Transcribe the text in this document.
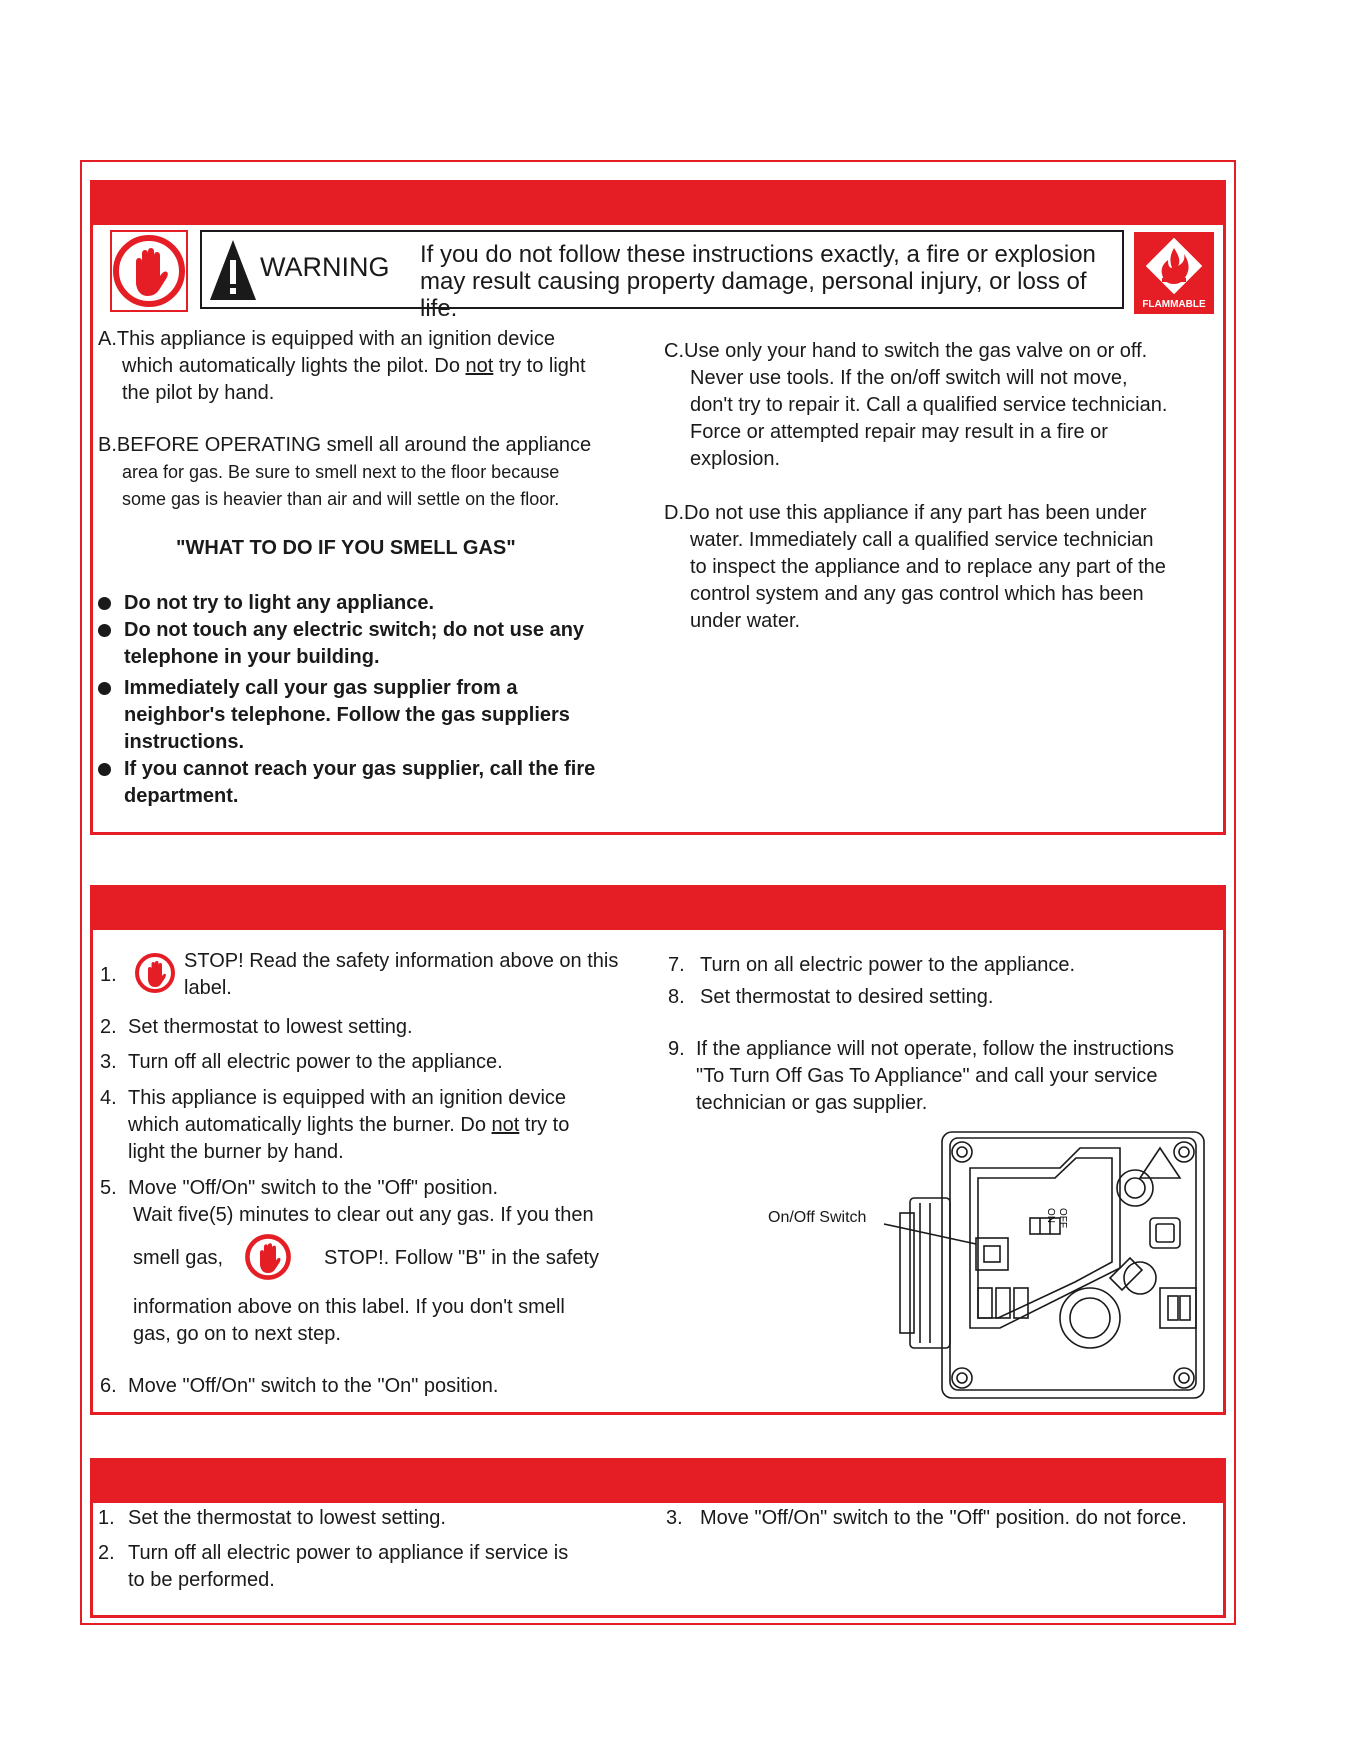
WARNING If you do not follow these instructions exactly, a fire or explosion
may result causing property damage, personal injury, or loss of life.	FLAMMABLE
A.This appliance is equipped with an ignition device
which automatically lights the pilot. Do not try to light
the pilot by hand.
B.BEFORE OPERATING smell all around the appliance
area for gas. Be sure to smell next to the floor because
some gas is heavier than air and will settle on the floor.
"WHAT TO DO IF YOU SMELL GAS"
Do not try to light any appliance.
Do not touch any electric switch; do not use any
telephone in your building.
Immediately call your gas supplier from a
neighbor's telephone. Follow the gas suppliers
instructions.
If you cannot reach your gas supplier, call the fire
department.
C.Use only your hand to switch the gas valve on or off.
Never use tools. If the on/off switch will not move,
don't try to repair it. Call a qualified service technician.
Force or attempted repair may result in a fire or
explosion.
D.Do not use this appliance if any part has been under
water. Immediately call a qualified service technician
to inspect the appliance and to replace any part of the
control system and any gas control which has been
under water.
1.
STOP! Read the safety information above on this
label.
2. Set thermostat to lowest setting.
3. Turn off all electric power to the appliance.
4. This appliance is equipped with an ignition device
which automatically lights the burner. Do not try to
light the burner by hand.
5. Move "Off/On" switch to the "Off" position.
Wait five(5) minutes to clear out any gas. If you then
smell gas,	STOP!. Follow "B" in the safety
information above on this label. If you don't smell
gas, go on to next step.
6. Move "Off/On" switch to the "On" position.
7. Turn on all electric power to the appliance.
8. Set thermostat to desired setting.
9. If the appliance will not operate, follow the instructions
"To Turn Off Gas To Appliance" and call your service
technician or gas supplier.
On/Off Switch	OFF
ON
1. Set the thermostat to lowest setting.
2. Turn off all electric power to appliance if service is
to be performed.
3. Move "Off/On" switch to the "Off" position. do not force.
